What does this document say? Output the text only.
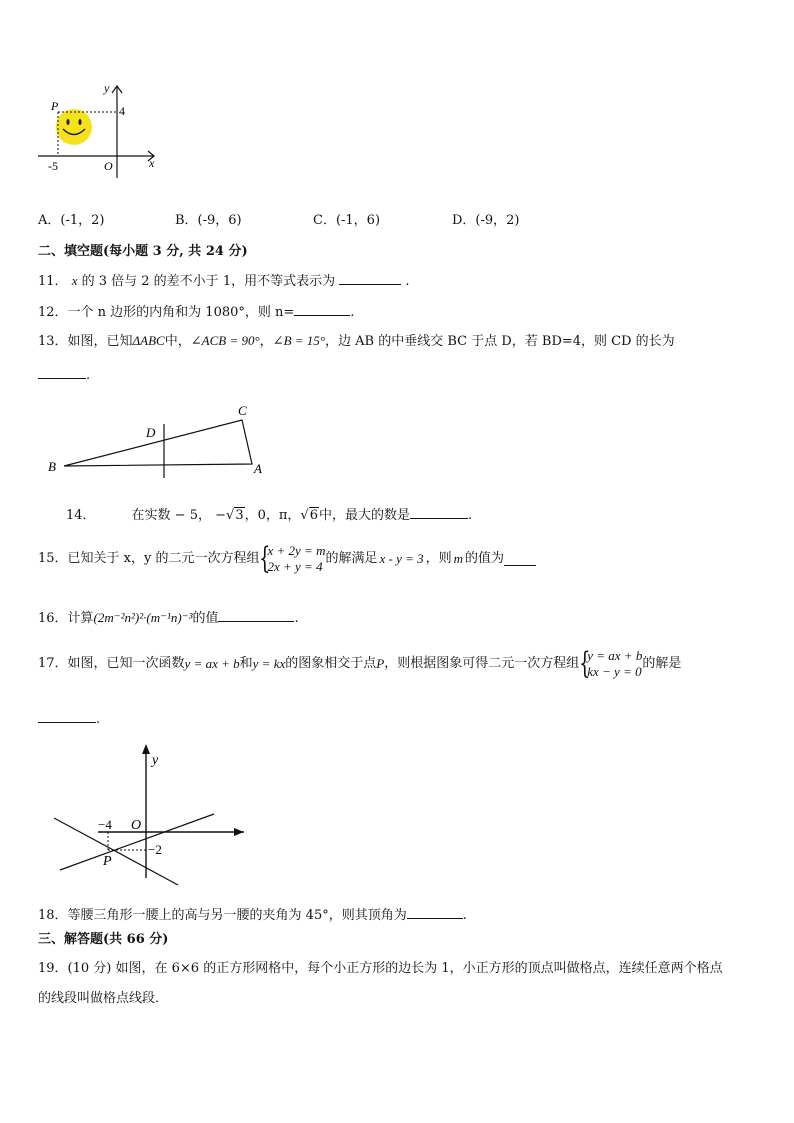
P
y
4
-5	O	x
A．(-1，2)	B．(-9，6)	C．(-1，6)	D．(-9，2)
二、填空题(每小题 3 分, 共 24 分)
11． x 的 3 倍与 2 的差不小于 1，用不等式表示为	.
12．一个 n 边形的内角和为 1080°，则 n=	.
13．如图，已知ΔABC中，∠ACB = 90°，∠B = 15°，边 AB 的中垂线交 BC 于点 D，若 BD=4，则 CD 的长为
.
C
D
B	A
14．	在实数 − 5， −√3，0，π，√6中，最大的数是	.
15．已知关于 x，y 的二元一次方程组 {
x + 2y = m
2x + y = 4
的解满足 x - y = 3 ，则 m 的值为
16．计算(2m⁻²n²)²·(m⁻¹n)⁻³的值	.
17．如图，已知一次函数 y = ax + b 和 y = kx 的图象相交于点 P ，则根据图象可得二元一次方程组 {
y = ax + b
kx − y = 0
的解是
.
y
−4 O
−2
P
18．等腰三角形一腰上的高与另一腰的夹角为 45°，则其顶角为	.
三、解答题(共 66 分)
19．(10 分) 如图，在 6×6 的正方形网格中，每个小正方形的边长为 1，小正方形的顶点叫做格点，连续任意两个格点
的线段叫做格点线段．
